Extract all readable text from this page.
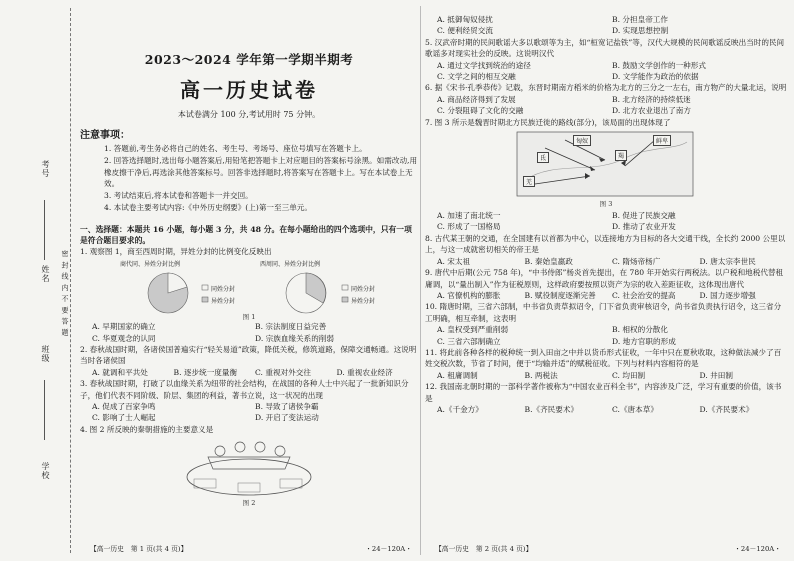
考号
姓名
班级
学校
密 封 线 内 不 要 答 题
2023～2024 学年第一学期半期考
高一历史试卷
本试卷满分 100 分,考试用时 75 分钟。
注意事项：
1. 答题前,考生务必将自己的姓名、考生号、考场号、座位号填写在答题卡上。
2. 回答选择题时,选出每小题答案后,用铅笔把答题卡上对应题目的答案标号涂黑。如需改动,用橡皮擦干净后,再选涂其他答案标号。回答非选择题时,将答案写在答题卡上。写在本试卷上无效。
3. 考试结束后,将本试卷和答题卡一并交回。
4. 本试卷主要考试内容:《中外历史纲要》(上)第一至三单元。
一、选择题：本题共 16 小题，每小题 3 分，共 48 分。在每小题给出的四个选项中，只有一项是符合题目要求的。
1. 观察图 1，商至西周时期，异姓分封的比例变化反映出
商代同、异姓分封比例	西周同、异姓分封比例
同姓分封
异姓分封
同姓分封
异姓分封
图 1
A. 早期国家的确立	B. 宗法制度日益完善
C. 华夏观念的认同	D. 宗族血缘关系的削弱
2. 春秋战国时期，各诸侯国普遍实行“轻关易道”政策，降低关税，修筑道路，保障交通畅通。这说明当时各诸侯国
A. 就调和平共处	B. 逐步统一度量衡	C. 重视对外交往	D. 重视农业经济
3. 春秋战国时期，打破了以血缘关系为纽带的社会结构，在战国的各种人士中兴起了一批新知识分子，他们代表不同阶级、阶层、集团的利益，著书立说，这一状况的出现
A. 促成了百家争鸣	B. 导致了诸侯争霸
C. 影响了士人崛起	D. 开启了变法运动
4. 图 2 所反映的秦朝措施的主要意义是
图 2
【高一历史　第 1 页(共 4 页)】	・24－120A・
A. 抵御匈奴侵扰	B. 分担皇帝工作
C. 便利经贸交流	D. 实现思想控制
5. 汉武帝时期的民间歌谣大多以歌颂等为主，如“桓宽记盐铁”等，汉代大规模的民间歌谣反映出当时的民间歌谣多对现实社会的反映。这说明汉代
A. 通过文学找到统治的途径	B. 鼓励文学创作的一种形式
C. 文学之间的相互交融	D. 文学能作为政治的依据
6. 据《宋书·孔季恭传》记载，东晋时期南方稻米的价格为北方的三分之一左右，南方物产的大量北运，说明
A. 商品经济得到了发展	B. 北方经济的持续低迷
C. 分裂阻碍了文化的交融	D. 北方农业退出了南方
7. 图 3 所示是魏晋时期北方民族迁徙的路线(部分)，该局面的出现体现了
匈奴	鲜卑
羌
氐	羯
图 3
A. 加速了南北统一	B. 促进了民族交融
C. 形成了一国格局	D. 推动了农业开发
8. 古代某王朝的交通，在全国建有以首都为中心，以连接地方为目标的各大交通干线，全长约 2000 公里以上，与这一成就密切相关的帝王是
A. 宋太祖	B. 秦始皇嬴政	C. 隋炀帝杨广	D. 唐太宗李世民
9. 唐代中后期(公元 758 年)，“中书侍郎”杨炎首先提出，在 780 年开始实行两税法。以户税和地税代替租庸调，以“量出制入”作为征税原则，这样政府要按照以资产为宗的收入差距征收，这体现出唐代
A. 官僚机构的膨胀	B. 赋役制度逐渐完善	C. 社会治安的提高	D. 国力逐步增强
10. 隋唐时期，三省六部制，中书省负责草拟诏令，门下省负责审核诏令，尚书省负责执行诏令，这三省分工明确，相互牵制，这表明
A. 皇权受到严重削弱	B. 相权的分散化
C. 三省六部制确立	D. 地方官职的形成
11. 将此前各种各样的税种统一到入田亩之中并以货币形式征收，一年中只在夏秋收取，这种做法减少了百姓交税次数，节省了时间，便于“均输并适”的赋税征收。下列与材料内容相符的是
A. 租庸调制	B. 两税法	C. 均田制	D. 井田制
12. 我国南北朝时期的一部科学著作被称为“中国农业百科全书”，内容涉及广泛，学习有重要的价值，该书是
A.《千金方》	B.《齐民要术》	C.《唐本草》	D.《齐民要术》
【高一历史　第 2 页(共 4 页)】	・24－120A・
